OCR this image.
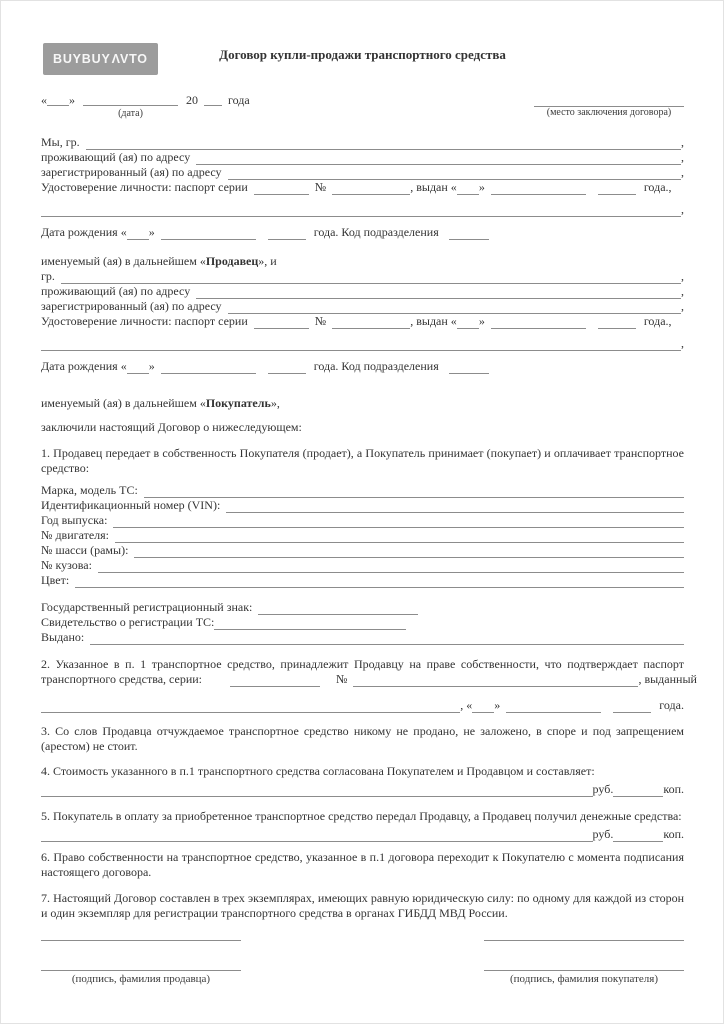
BUYBUY Λ VTO	Договор купли-продажи транспортного средства
« »
(дата)
20	года
(место заключения договора)
Мы, гр.	,
проживающий (ая) по адресу	,
зарегистрированный (ая) по адресу	,
Удостоверение личности: паспорт серии	№	, выдан « »	года.,
,
Дата рождения « »	года. Код подразделения
именуемый (ая) в дальнейшем «Продавец», и
гр.	,
проживающий (ая) по адресу	,
зарегистрированный (ая) по адресу	,
Удостоверение личности: паспорт серии	№	, выдан « »	года.,
,
Дата рождения « »	года. Код подразделения
именуемый (ая) в дальнейшем «Покупатель»,
заключили настоящий Договор о нижеследующем:

1. Продавец передает в собственность Покупателя (продает), а Покупатель принимает (покупает) и оплачивает транспортное средство:

Марка, модель ТС:
Идентификационный номер (VIN):
Год выпуска:
№ двигателя:
№ шасси (рамы):
№ кузова:
Цвет:
Государственный регистрационный знак:
Свидетельство о регистрации ТС:
Выдано:
2. Указанное в п. 1 транспортное средство, принадлежит Продавцу на праве собственности, что подтверждает паспорт
транспортного средства, серии:	№	, выданный
, « »	года.

3. Со слов Продавца отчуждаемое транспортное средство никому не продано, не заложено, в споре и под запрещением (арестом) не стоит.

4. Стоимость указанного в п.1 транспортного средства согласована Покупателем и Продавцом и составляет:
руб.	коп.

5. Покупатель в оплату за приобретенное транспортное средство передал Продавцу, а Продавец получил денежные средства:

руб.	коп.

6. Право собственности на транспортное средство, указанное в п.1 договора переходит к Покупателю с момента подписания настоящего договора.

7. Настоящий Договор составлен в трех экземплярах, имеющих равную юридическую силу: по одному для каждой из сторон и один экземпляр для регистрации транспортного средства в органах ГИБДД МВД России.

(подпись, фамилия продавца)	(подпись, фамилия покупателя)
